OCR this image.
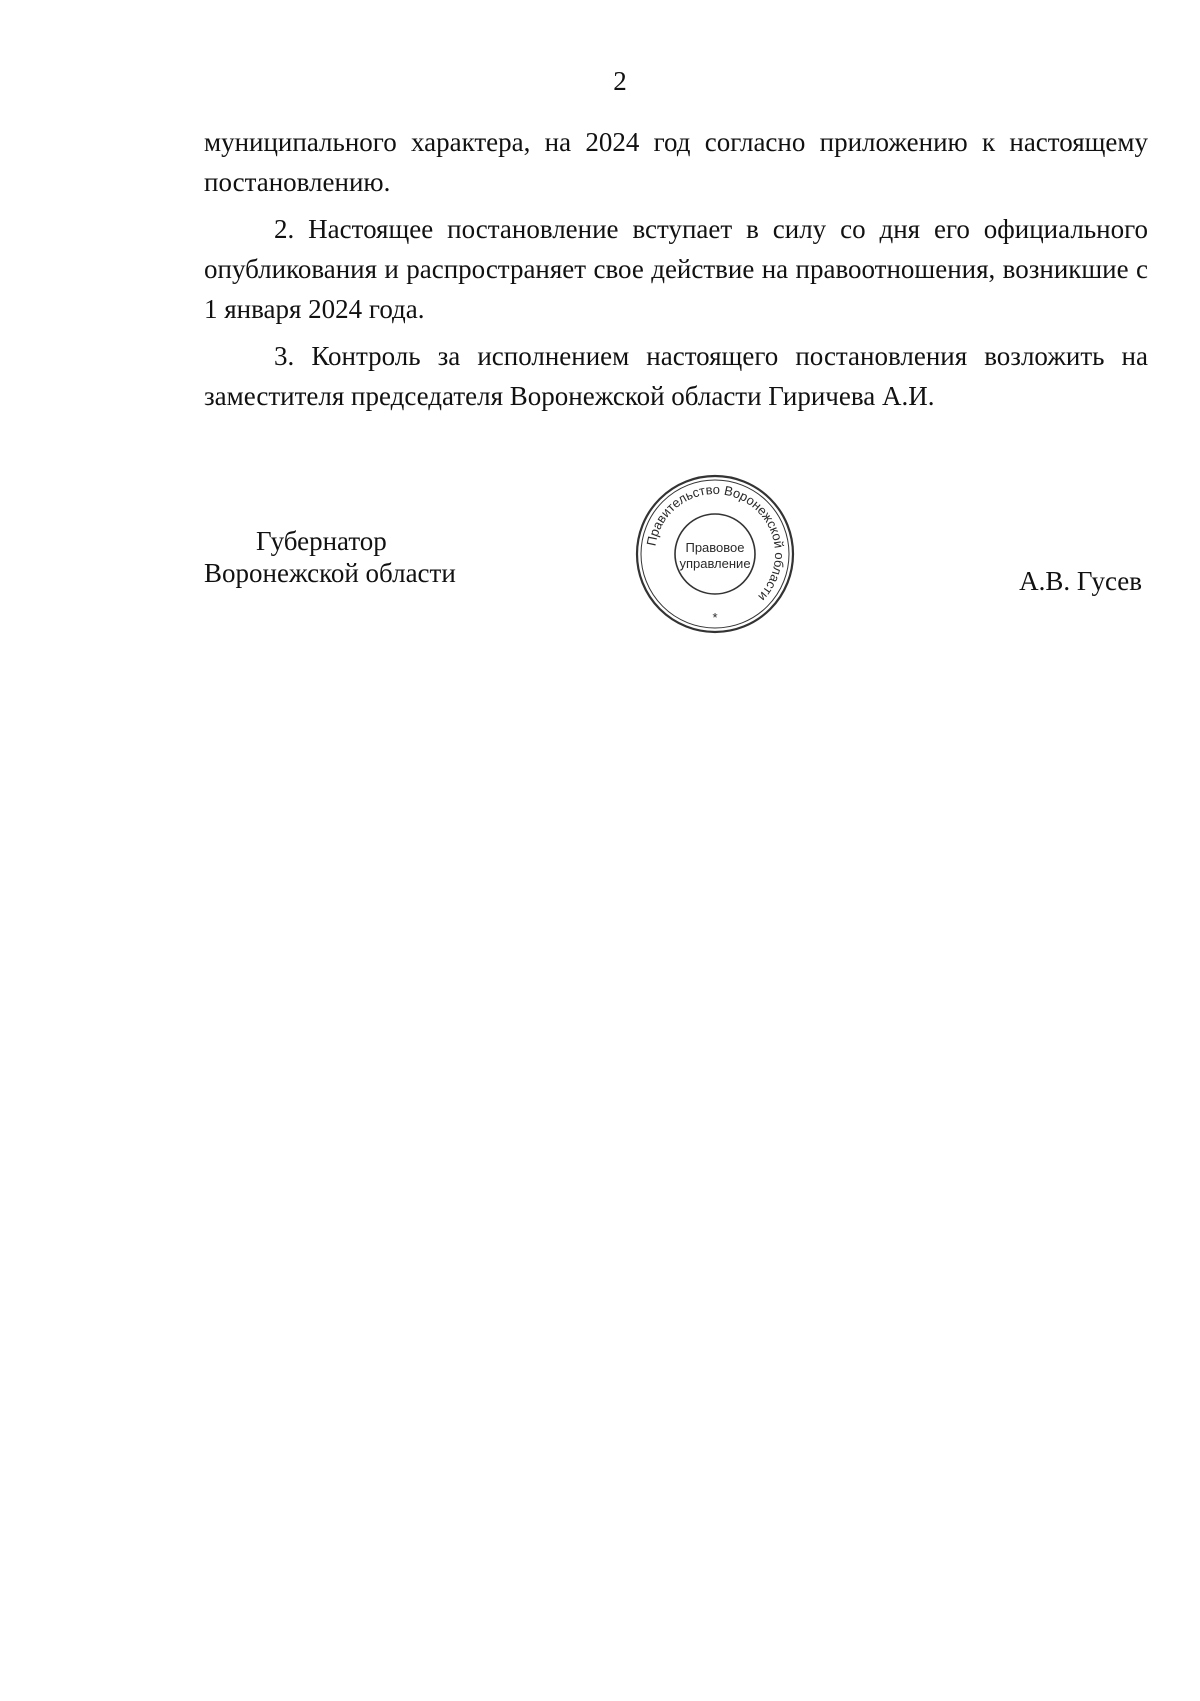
2

муниципального характера, на 2024 год согласно приложению к настоящему постановлению.

2. Настоящее постановление вступает в силу со дня его официального опубликования и распространяет свое действие на правоотношения, возникшие с 1 января 2024 года.

3. Контроль за исполнением настоящего постановления возложить на заместителя председателя Воронежской области Гиричева А.И.

Губернатор
Воронежской области
Правительство Воронежской области
Правовое
управление
*
А.В. Гусев
